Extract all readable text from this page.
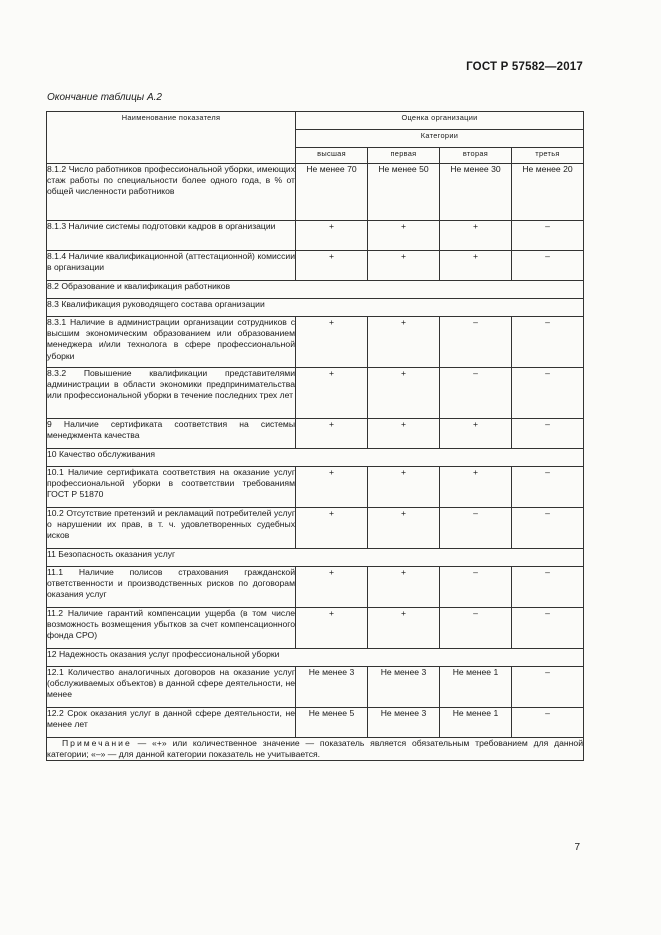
ГОСТ Р 57582—2017
Окончание таблицы А.2
Наименование показателя	Оценка организации			
	Категории			
	высшая	первая	вторая	третья
8.1.2 Число работников профессиональной уборки, имеющих стаж работы по специальности более одного года, в % от общей численности работников	Не менее 70	Не менее 50	Не менее 30	Не менее 20
8.1.3 Наличие системы подготовки кадров в организации	+	+	+	–
8.1.4 Наличие квалификационной (аттестационной) комиссии в организации	+	+	+	–
8.2 Образование и квалификация работников				
8.3 Квалификация руководящего состава организации				
8.3.1 Наличие в администрации организации сотрудников с высшим экономическим образованием или образованием менеджера и/или технолога в сфере профессиональной уборки	+	+	–	–
8.3.2 Повышение квалификации представителями администрации в области экономики предпринимательства или профессиональной уборки в течение последних трех лет	+	+	–	–
9 Наличие сертификата соответствия на системы менеджмента качества	+	+	+	–
10 Качество обслуживания				
10.1 Наличие сертификата соответствия на оказание услуг профессиональной уборки в соответствии требованиям ГОСТ Р 51870	+	+	+	–
10.2 Отсутствие претензий и рекламаций потребителей услуг о нарушении их прав, в т. ч. удовлетворенных судебных исков	+	+	–	–
11 Безопасность оказания услуг				
11.1 Наличие полисов страхования гражданской ответственности и производственных рисков по договорам оказания услуг	+	+	–	–
11.2 Наличие гарантий компенсации ущерба (в том числе возможность возмещения убытков за счет компенсационного фонда СРО)	+	+	–	–
12 Надежность оказания услуг профессиональной уборки				
12.1 Количество аналогичных договоров на оказание услуг (обслуживаемых объектов) в данной сфере деятельности, не менее	Не менее 3	Не менее 3	Не менее 1	–
12.2 Срок оказания услуг в данной сфере деятельности, не менее лет	Не менее 5	Не менее 3	Не менее 1	–
Примечание — «+» или количественное значение — показатель является обязательным требованием для данной категории; «–» — для данной категории показатель не учитывается.				
7
